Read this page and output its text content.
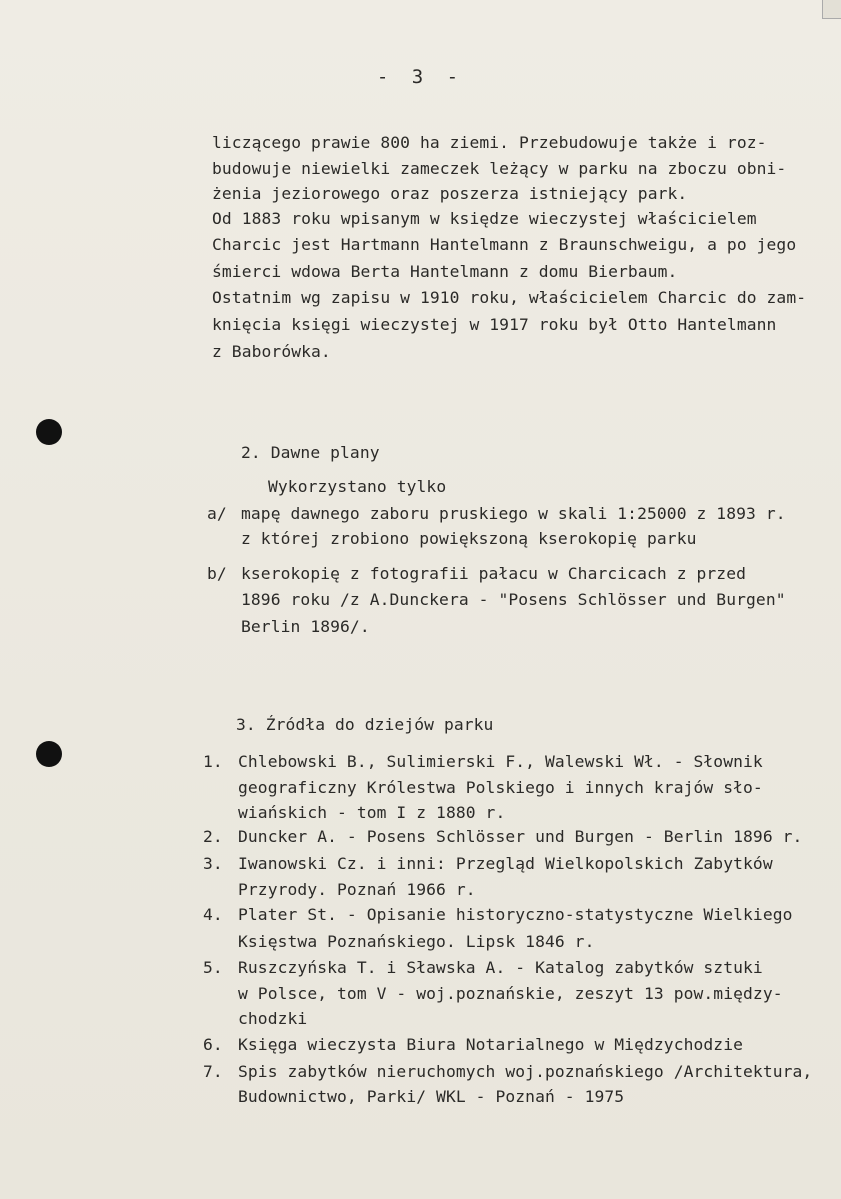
- 3 -
liczącego prawie 800 ha ziemi. Przebudowuje także i roz-
budowuje niewielki zameczek leżący w parku na zboczu obni-
żenia jeziorowego oraz poszerza istniejący park.
Od 1883 roku wpisanym w księdze wieczystej właścicielem
Charcic jest Hartmann Hantelmann z Braunschweigu, a po jego
śmierci wdowa Berta Hantelmann z domu Bierbaum.
Ostatnim wg zapisu w 1910 roku, właścicielem Charcic do zam-
knięcia księgi wieczystej w 1917 roku był Otto Hantelmann
z Baborówka.
2. Dawne plany
Wykorzystano tylko
a/ mapę dawnego zaboru pruskiego w skali 1:25000 z 1893 r.
z której zrobiono powiększoną kserokopię parku
b/ kserokopię z fotografii pałacu w Charcicach z przed
1896 roku /z A.Dunckera - "Posens Schlösser und Burgen"
Berlin 1896/.
3. Źródła do dziejów parku
1. Chlebowski B., Sulimierski F., Walewski Wł. - Słownik
geograficzny Królestwa Polskiego i innych krajów sło-
wiańskich - tom I z 1880 r.
2. Duncker A. - Posens Schlösser und Burgen - Berlin 1896 r.
3. Iwanowski Cz. i inni: Przegląd Wielkopolskich Zabytków
Przyrody. Poznań 1966 r.
4. Plater St. - Opisanie historyczno-statystyczne Wielkiego
Księstwa Poznańskiego. Lipsk 1846 r.
5. Ruszczyńska T. i Sławska A. - Katalog zabytków sztuki
w Polsce, tom V - woj.poznańskie, zeszyt 13 pow.między-
chodzki
6. Księga wieczysta Biura Notarialnego w Międzychodzie
7. Spis zabytków nieruchomych woj.poznańskiego /Architektura,
Budownictwo, Parki/ WKL - Poznań - 1975
